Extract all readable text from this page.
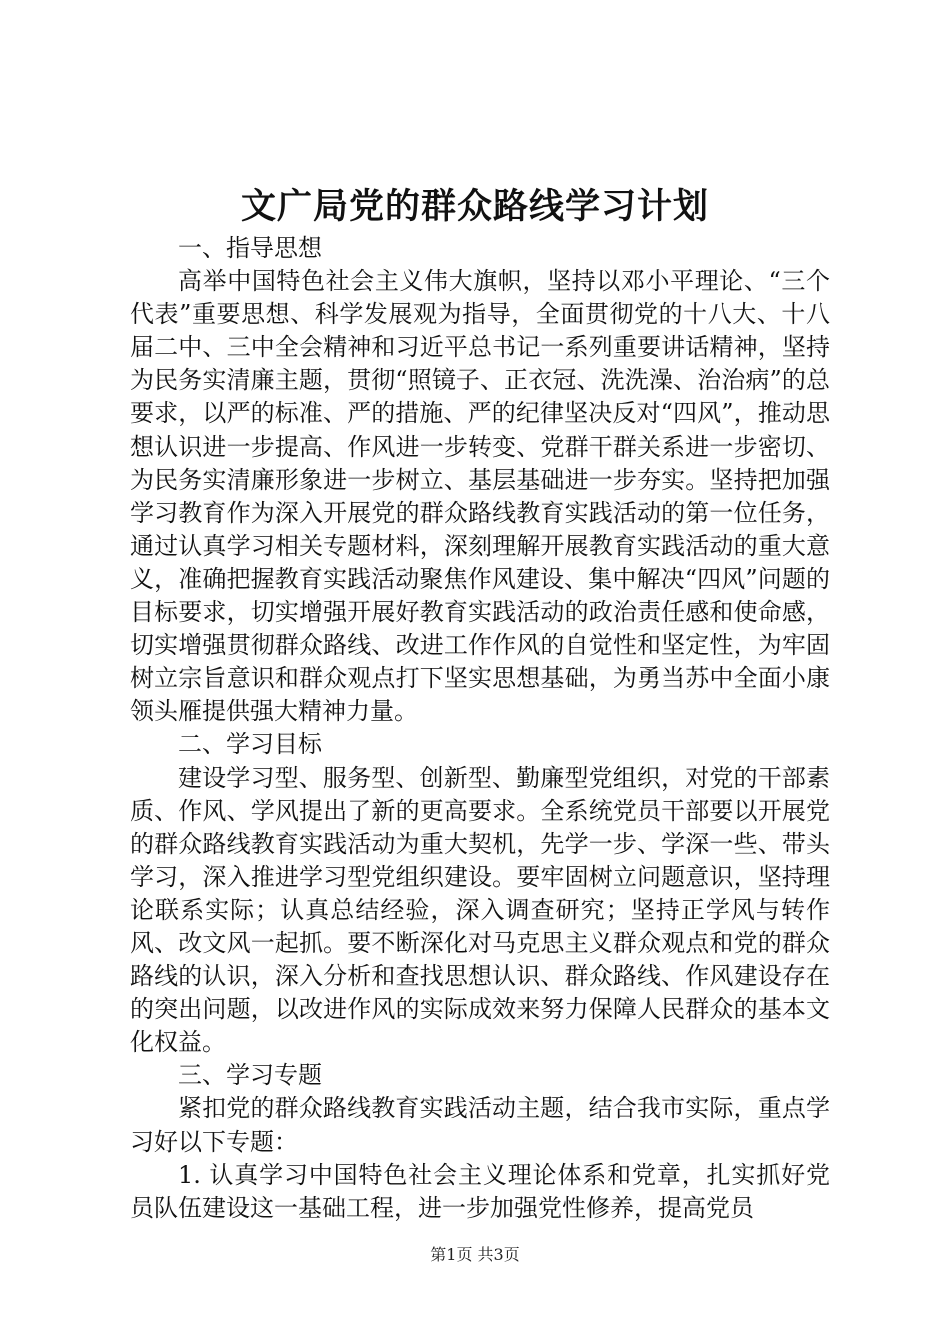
文广局党的群众路线学习计划

一、指导思想

高举中国特色社会主义伟大旗帜，坚持以邓小平理论、“三个代表”重要思想、科学发展观为指导，全面贯彻党的十八大、十八届二中、三中全会精神和习近平总书记一系列重要讲话精神，坚持为民务实清廉主题，贯彻“照镜子、正衣冠、洗洗澡、治治病”的总要求，以严的标准、严的措施、严的纪律坚决反对“四风”，推动思想认识进一步提高、作风进一步转变、党群干群关系进一步密切、为民务实清廉形象进一步树立、基层基础进一步夯实。坚持把加强学习教育作为深入开展党的群众路线教育实践活动的第一位任务，通过认真学习相关专题材料，深刻理解开展教育实践活动的重大意义，准确把握教育实践活动聚焦作风建设、集中解决“四风”问题的目标要求，切实增强开展好教育实践活动的政治责任感和使命感，切实增强贯彻群众路线、改进工作作风的自觉性和坚定性，为牢固树立宗旨意识和群众观点打下坚实思想基础，为勇当苏中全面小康领头雁提供强大精神力量。

二、学习目标

建设学习型、服务型、创新型、勤廉型党组织，对党的干部素质、作风、学风提出了新的更高要求。全系统党员干部要以开展党的群众路线教育实践活动为重大契机，先学一步、学深一些、带头学习，深入推进学习型党组织建设。要牢固树立问题意识，坚持理论联系实际；认真总结经验，深入调查研究；坚持正学风与转作风、改文风一起抓。要不断深化对马克思主义群众观点和党的群众路线的认识，深入分析和查找思想认识、群众路线、作风建设存在的突出问题，以改进作风的实际成效来努力保障人民群众的基本文化权益。

三、学习专题

紧扣党的群众路线教育实践活动主题，结合我市实际，重点学习好以下专题：

1. 认真学习中国特色社会主义理论体系和党章，扎实抓好党员队伍建设这一基础工程，进一步加强党性修养，提高党员

第1页 共3页
